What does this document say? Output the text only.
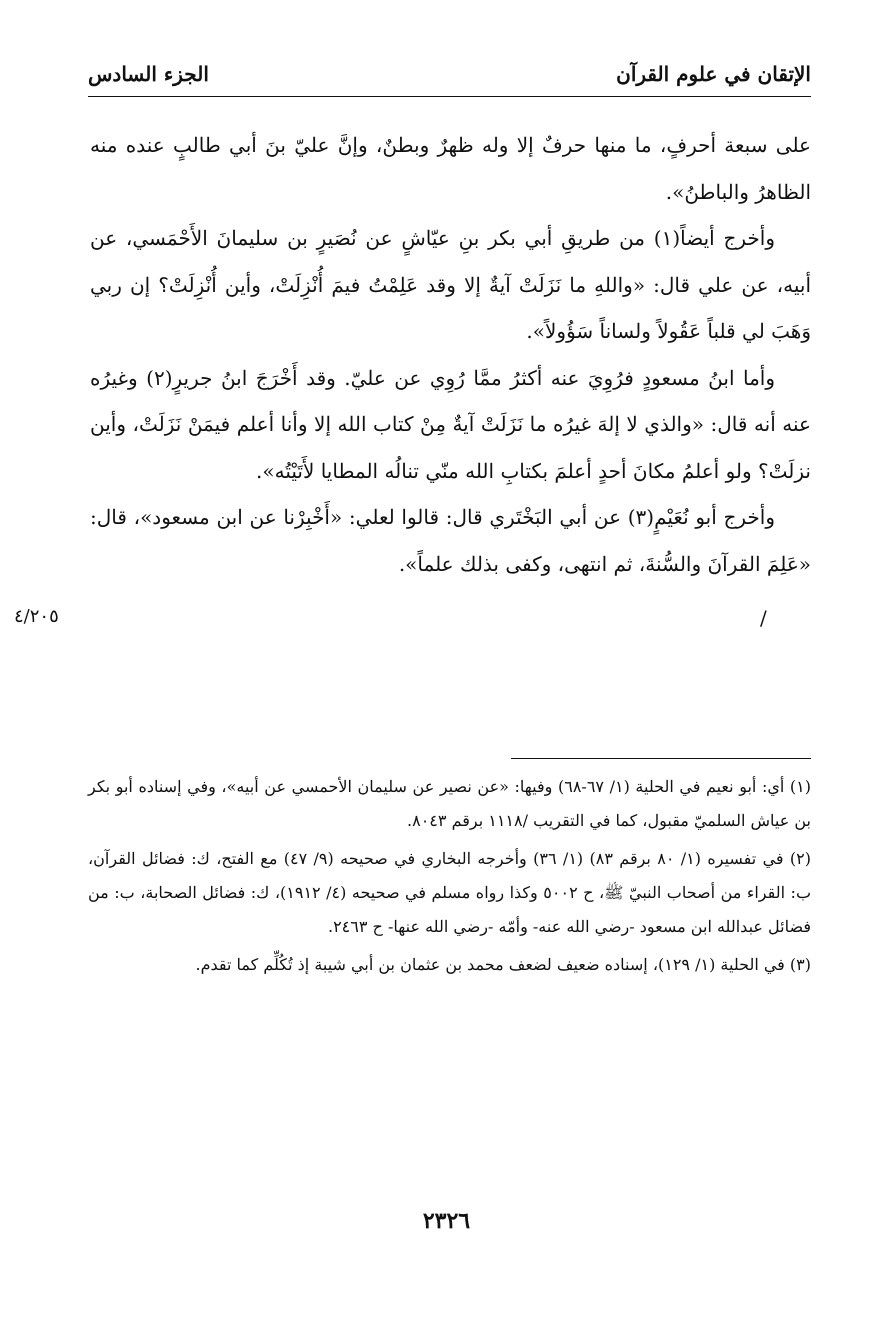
الإتقان في علوم القرآن
الجزء السادس

على سبعة أحرفٍ، ما منها حرفٌ إلا وله ظهرٌ وبطنٌ، وإنَّ عليّ بنَ أبي طالبٍ عنده منه الظاهرُ والباطنُ».

وأخرج أيضاً(١) من طريقِ أبي بكر بنِ عيّاشٍ عن نُصَيرٍ بن سليمانَ الأَحْمَسي، عن أبيه، عن علي قال: «واللهِ ما نَزَلَتْ آيةٌ إلا وقد عَلِمْتُ فيمَ أُنْزِلَتْ، وأين أُنْزِلَتْ؟ إن ربي وَهَبَ لي قلباً عَقُولاً ولساناً سَؤُولاً».

وأما ابنُ مسعودٍ فرُوِيَ عنه أكثرُ ممَّا رُوِي عن عليّ. وقد أَخْرَجَ ابنُ جريرٍ(٢) وغيرُه عنه أنه قال: «والذي لا إلهَ غيرُه ما نَزَلَتْ آيةٌ مِنْ كتاب الله إلا وأنا أعلم فيمَنْ نَزَلَتْ، وأين نزلَتْ؟ ولو أعلمُ مكانَ أحدٍ أعلمَ بكتابِ الله منّي تنالُه المطايا لأَتَيْتُه».

وأخرج أبو نُعَيْمٍ(٣) عن أبي البَخْتَري قال: قالوا لعلي: «أَخْبِرْنا عن ابن مسعود»، قال: «عَلِمَ القرآنَ والسُّنةَ، ثم انتهى، وكفى بذلك علماً».

/
٤/٢٠٥

(١) أي: أبو نعيم في الحلية (١/ ٦٧-٦٨) وفيها: «عن نصير عن سليمان الأحمسي عن أبيه»، وفي إسناده أبو بكر بن عياش السلميّ مقبول، كما في التقريب /١١١٨ برقم ٨٠٤٣.

(٢) في تفسيره (١/ ٨٠ برقم ٨٣) (١/ ٣٦) وأخرجه البخاري في صحيحه (٩/ ٤٧) مع الفتح، ك: فضائل القرآن، ب: القراء من أصحاب النبيّ ﷺ، ح ٥٠٠٢ وكذا رواه مسلم في صحيحه (٤/ ١٩١٢)، ك: فضائل الصحابة، ب: من فضائل عبدالله ابن مسعود -رضي الله عنه- وأمّه -رضي الله عنها- ح ٢٤٦٣.

(٣) في الحلية (١/ ١٢٩)، إسناده ضعيف لضعف محمد بن عثمان بن أبي شيبة إذ تُكُلِّم كما تقدم.

٢٣٢٦
